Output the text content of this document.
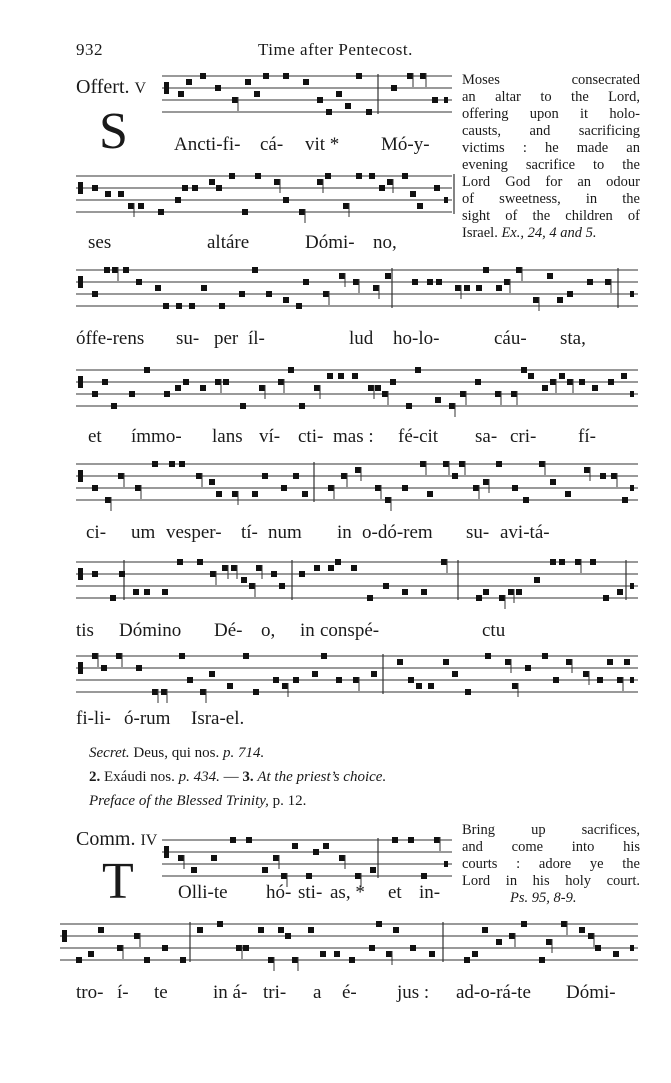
932	Time after Pentecost.
Offert. V
S
Moses consecrated
an altar to the Lord,
offering upon it holo-
causts, and sacrificing
victims : he made an
evening sacrifice to the
Lord God for an odour
of sweetness, in the
sight of the children of
Israel. Ex., 24, 4 and 5.
Ancti-fi- cá- vit * Mó-y-
ses	altáre	Dómi- no,
óffe-rens su- per íl-	lud ho-lo-	cáu- sta,
et ímmo- lans ví- cti- mas : fé-cit sa- cri- fí-
ci- um vesper- tí- num in o-dó-rem su- avi-tá-
tis Dómino Dé- o, in conspé-	ctu
fi-li- ó-rum Isra-el.
Secret. Deus, qui nos. p. 714.
2. Exáudi nos. p. 434. — 3. At the priest’s choice.
Preface of the Blessed Trinity, p. 12.
Comm. IV
T
Bring up sacrifices,
and come into his
courts : adore ye the
Lord in his holy court.
Ps. 95, 8-9.
Olli-te hó- sti- as, * et in-
tro- í- te in á- tri- a é- jus : ad-o-rá-te Dómi-
